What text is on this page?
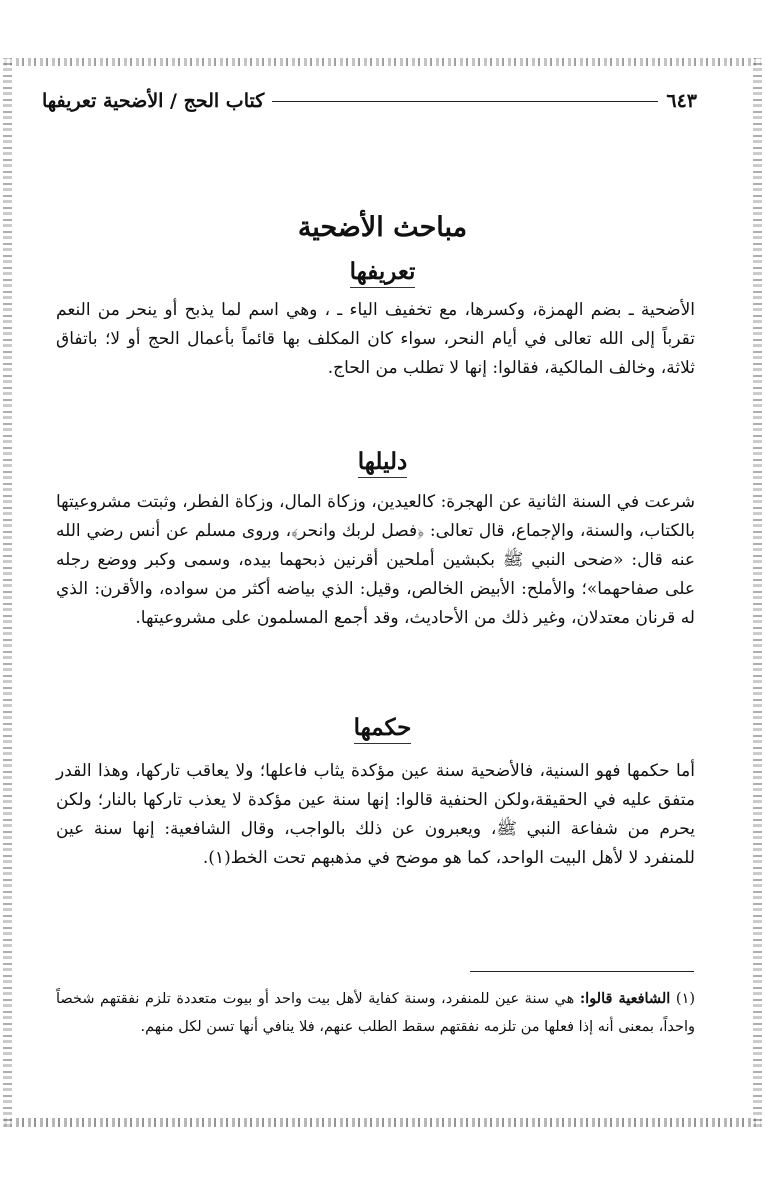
كتاب الحج / الأضحية تعريفها	٦٤٣
مباحث الأضحية
تعريفها

الأضحية ـ بضم الهمزة، وكسرها، مع تخفيف الياء ـ ، وهي اسم لما يذبح أو ينحر من النعم تقرباً إلى الله تعالى في أيام النحر، سواء كان المكلف بها قائماً بأعمال الحج أو لا؛ باتفاق ثلاثة، وخالف المالكية، فقالوا: إنها لا تطلب من الحاج.

دليلها

شرعت في السنة الثانية عن الهجرة: كالعيدين، وزكاة المال، وزكاة الفطر، وثبتت مشروعيتها بالكتاب، والسنة، والإجماع، قال تعالى: ﴿فصل لربك وانحر﴾، وروى مسلم عن أنس رضي الله عنه قال: «ضحى النبي ﷺ بكبشين أملحين أقرنين ذبحهما بيده، وسمى وكبر ووضع رجله على صفاحهما»؛ والأملح: الأبيض الخالص، وقيل: الذي بياضه أكثر من سواده، والأقرن: الذي له قرنان معتدلان، وغير ذلك من الأحاديث، وقد أجمع المسلمون على مشروعيتها.

حكمها

أما حكمها فهو السنية، فالأضحية سنة عين مؤكدة يثاب فاعلها؛ ولا يعاقب تاركها، وهذا القدر متفق عليه في الحقيقة،ولكن الحنفية قالوا: إنها سنة عين مؤكدة لا يعذب تاركها بالنار؛ ولكن يحرم من شفاعة النبي ﷺ، ويعبرون عن ذلك بالواجب، وقال الشافعية: إنها سنة عين للمنفرد لا لأهل البيت الواحد، كما هو موضح في مذهبهم تحت الخط(١).

(١) الشافعية قالوا: هي سنة عين للمنفرد، وسنة كفاية لأهل بيت واحد أو بيوت متعددة تلزم نفقتهم شخصاً واحداً، بمعنى أنه إذا فعلها من تلزمه نفقتهم سقط الطلب عنهم، فلا ينافي أنها تسن لكل منهم.
